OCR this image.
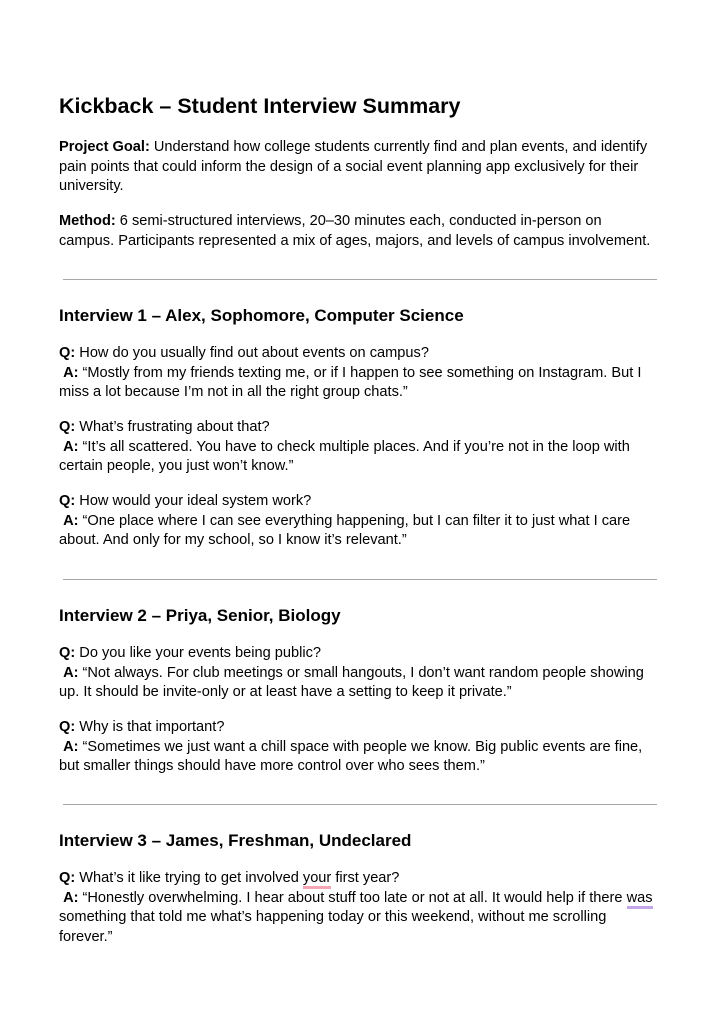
Kickback – Student Interview Summary

Project Goal: Understand how college students currently find and plan events, and identify pain points that could inform the design of a social event planning app exclusively for their university.

Method: 6 semi-structured interviews, 20–30 minutes each, conducted in-person on campus. Participants represented a mix of ages, majors, and levels of campus involvement.

Interview 1 – Alex, Sophomore, Computer Science

Q: How do you usually find out about events on campus?

A: “Mostly from my friends texting me, or if I happen to see something on Instagram. But I miss a lot because I’m not in all the right group chats.”

Q: What’s frustrating about that?

A: “It’s all scattered. You have to check multiple places. And if you’re not in the loop with certain people, you just won’t know.”

Q: How would your ideal system work?

A: “One place where I can see everything happening, but I can filter it to just what I care about. And only for my school, so I know it’s relevant.”

Interview 2 – Priya, Senior, Biology

Q: Do you like your events being public?

A: “Not always. For club meetings or small hangouts, I don’t want random people showing up. It should be invite-only or at least have a setting to keep it private.”

Q: Why is that important?

A: “Sometimes we just want a chill space with people we know. Big public events are fine, but smaller things should have more control over who sees them.”

Interview 3 – James, Freshman, Undeclared

Q: What’s it like trying to get involved your first year?

A: “Honestly overwhelming. I hear about stuff too late or not at all. It would help if there was something that told me what’s happening today or this weekend, without me scrolling forever.”
